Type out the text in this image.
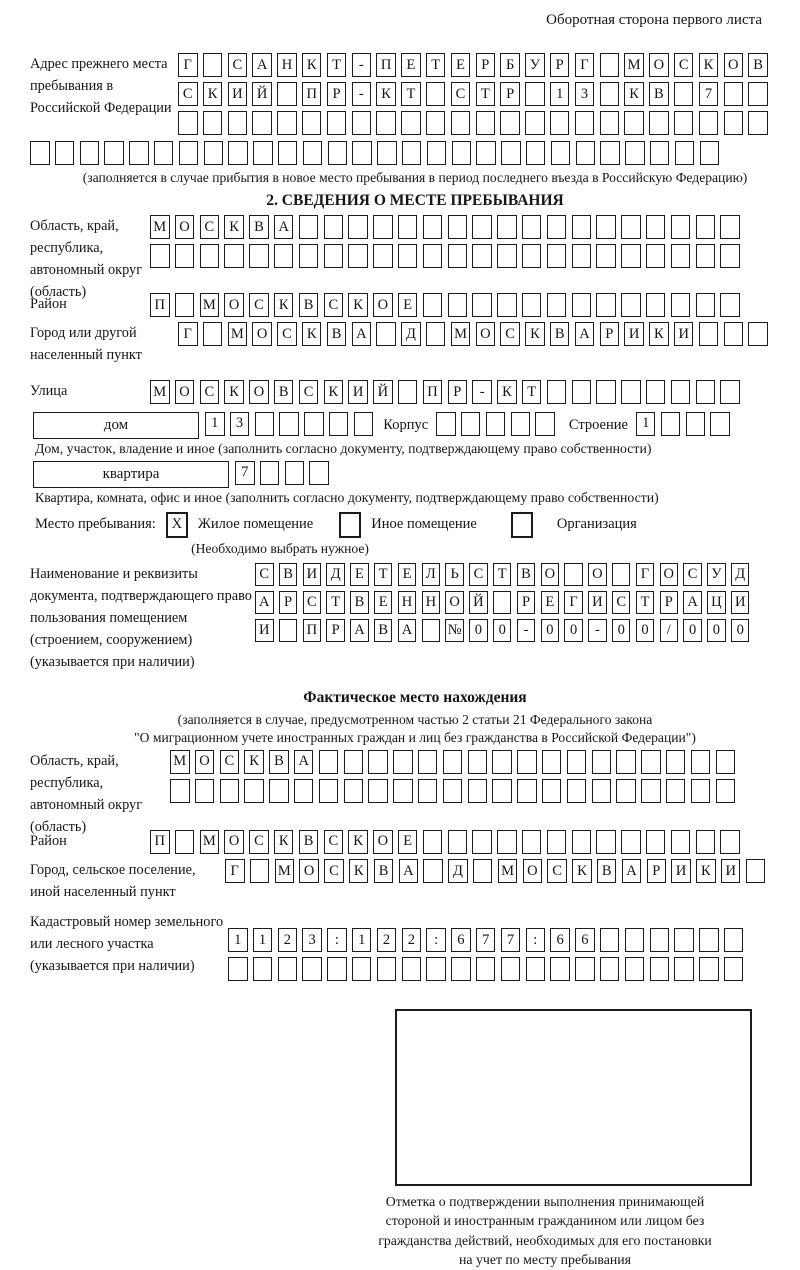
Оборотная сторона первого листа
Адрес прежнего места пребывания в Российской Федерации
Г	С	А Н	К	Т	-	П	Е	Т	Е	Р	Б	У	Р	Г	М О	С	К	О	В
С	К	И Й	П	Р	-	К	Т	С	Т	Р	1	3	К	В	7
(заполняется в случае прибытия в новое место пребывания в период последнего въезда в Российскую Федерацию)
2. СВЕДЕНИЯ О МЕСТЕ ПРЕБЫВАНИЯ
Область, край, республика, автономный округ (область)
М О	С	К	В	А
Район	П	М О	С	К	В	С	К	О	Е
Город или другой населенный пункт
Г	М О	С	К	В	А	Д	М О	С	К	В	А	Р	И	К	И
Улица	М О	С	К	О	В	С	К	И Й	П	Р	-	К	Т
дом	1	3	Корпус	Строение 1
Дом, участок, владение и иное (заполнить согласно документу, подтверждающему право собственности)
квартира	7
Квартира, комната, офис и иное (заполнить согласно документу, подтверждающему право собственности)
Место пребывания:	X	Жилое помещение	Иное помещение	Организация
(Необходимо выбрать нужное)
Наименование и реквизиты документа, подтверждающего право пользования помещением (строением, сооружением) (указывается при наличии)
С В И Д Е	Т	Е Л	Ь	С	Т	В О	О	Г О С У Д
А	Р	С	Т	В	Е Н Н О Й	Р	Е	Г И С	Т	Р	А Ц И
И	П	Р	А В А № 0	0	-	0	0	-	0	0	/	0	0	0
Фактическое место нахождения
(заполняется в случае, предусмотренном частью 2 статьи 21 Федерального закона
"О миграционном учете иностранных граждан и лиц без гражданства в Российской Федерации")
Область, край, республика, автономный округ (область)
М О	С	К	В	А
Район	П	М О	С	К	В	С	К	О	Е
Город, сельское поселение, иной населенный пункт
Г	М О	С	К	В	А	Д	М О	С	К	В	А	Р	И	К	И
Кадастровый номер земельного или лесного участка (указывается при наличии)
1	1	2	3	:	1	2	2	:	6	7	7	:	6	6
Отметка о подтверждении выполнения принимающей
стороной и иностранным гражданином или лицом без
гражданства действий, необходимых для его постановки
на учет по месту пребывания
